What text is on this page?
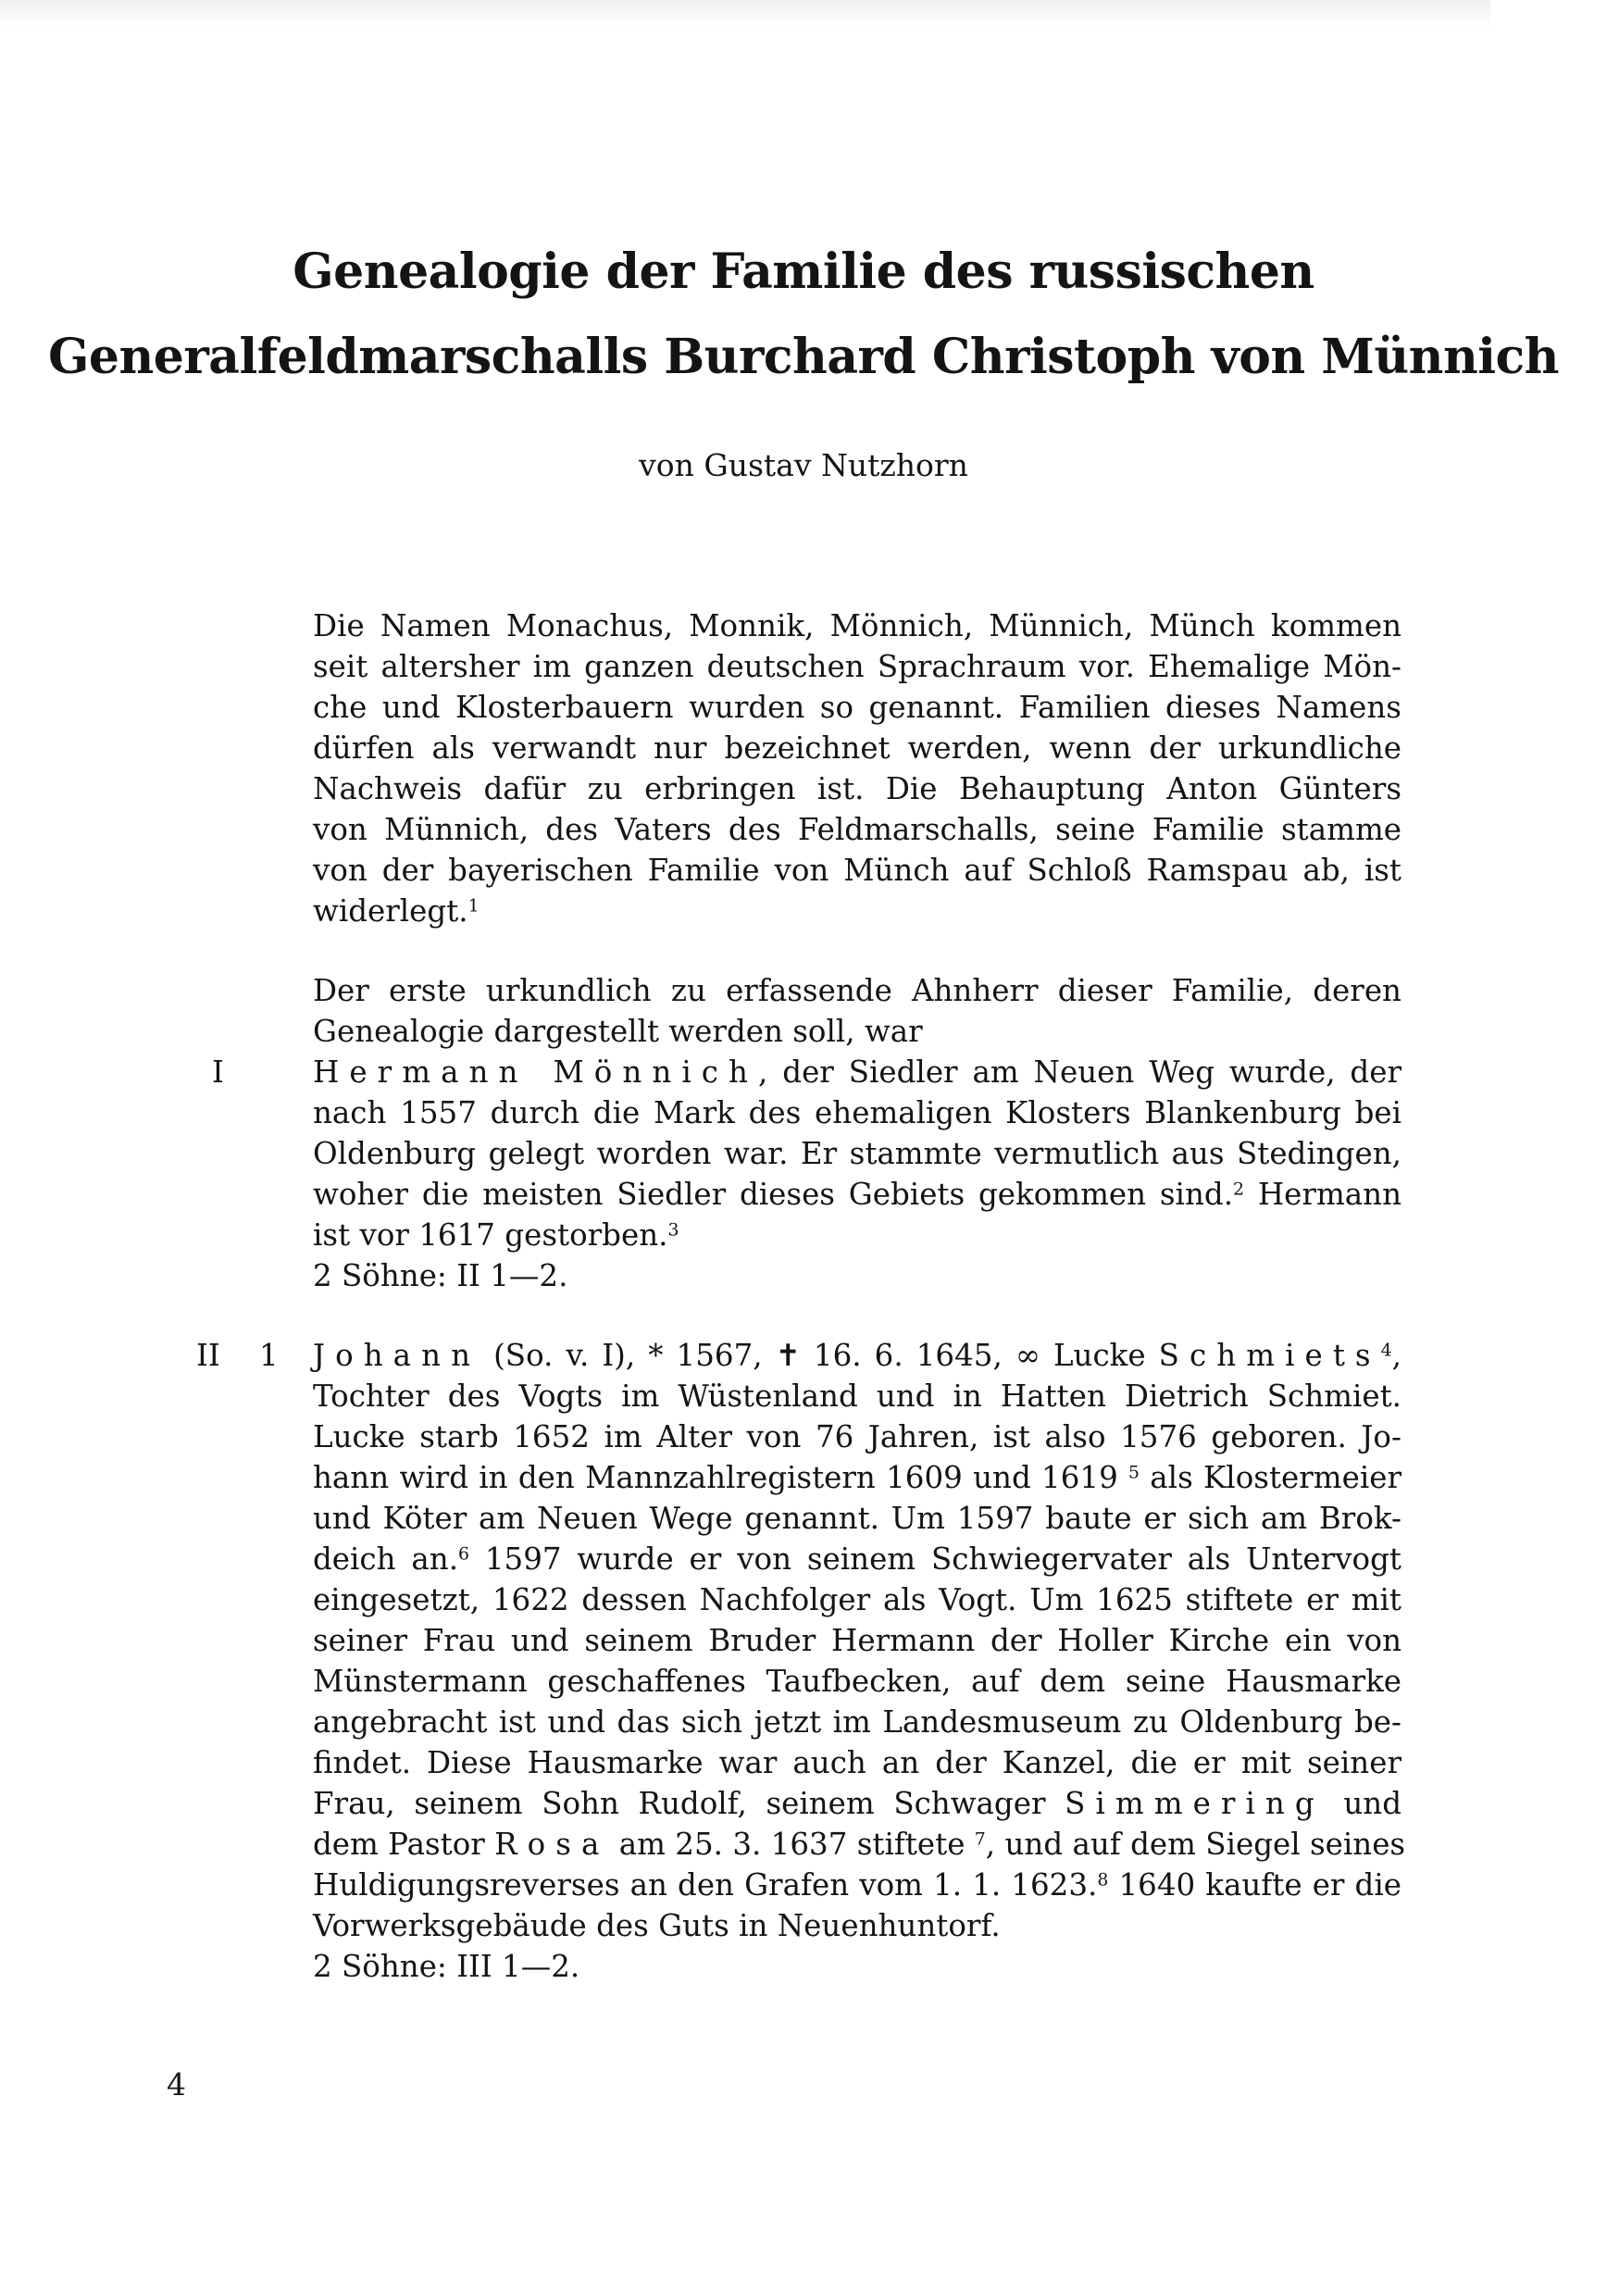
Genealogie der Familie des russischen
Generalfeldmarschalls Burchard Christoph von Münnich
von Gustav Nutzhorn
Die Namen Monachus, Monnik, Mönnich, Münnich, Münch kommen
seit altersher im ganzen deutschen Sprachraum vor. Ehemalige Mön-
che und Klosterbauern wurden so genannt. Familien dieses Namens
dürfen als verwandt nur bezeichnet werden, wenn der urkundliche
Nachweis dafür zu erbringen ist. Die Behauptung Anton Günters
von Münnich, des Vaters des Feldmarschalls, seine Familie stamme
von der bayerischen Familie von Münch auf Schloß Ramspau ab, ist
widerlegt.$^1$
Der erste urkundlich zu erfassende Ahnherr dieser Familie, deren
Genealogie dargestellt werden soll, war
I	Hermann Mönnich, der Siedler am Neuen Weg wurde, der
nach 1557 durch die Mark des ehemaligen Klosters Blankenburg bei
Oldenburg gelegt worden war. Er stammte vermutlich aus Stedingen,
woher die meisten Siedler dieses Gebiets gekommen sind.$^2$ Hermann
ist vor 1617 gestorben.$^3$
2 Söhne: II 1—2.
II 1 Johann (So. v. I), * 1567, ✝ 16. 6. 1645, ∞ Lucke Schmiets$^4$,
Tochter des Vogts im Wüstenland und in Hatten Dietrich Schmiet.
Lucke starb 1652 im Alter von 76 Jahren, ist also 1576 geboren. Jo-
hann wird in den Mannzahlregistern 1609 und 1619 $^5$ als Klostermeier
und Köter am Neuen Wege genannt. Um 1597 baute er sich am Brok-
deich an.$^6$ 1597 wurde er von seinem Schwiegervater als Untervogt
eingesetzt, 1622 dessen Nachfolger als Vogt. Um 1625 stiftete er mit
seiner Frau und seinem Bruder Hermann der Holler Kirche ein von
Münstermann geschaffenes Taufbecken, auf dem seine Hausmarke
angebracht ist und das sich jetzt im Landesmuseum zu Oldenburg be-
findet. Diese Hausmarke war auch an der Kanzel, die er mit seiner
Frau, seinem Sohn Rudolf, seinem Schwager Simmering und
dem Pastor Rosa am 25. 3. 1637 stiftete $^7$, und auf dem Siegel seines
Huldigungsreverses an den Grafen vom 1. 1. 1623.$^8$ 1640 kaufte er die
Vorwerksgebäude des Guts in Neuenhuntorf.
2 Söhne: III 1—2.
4
